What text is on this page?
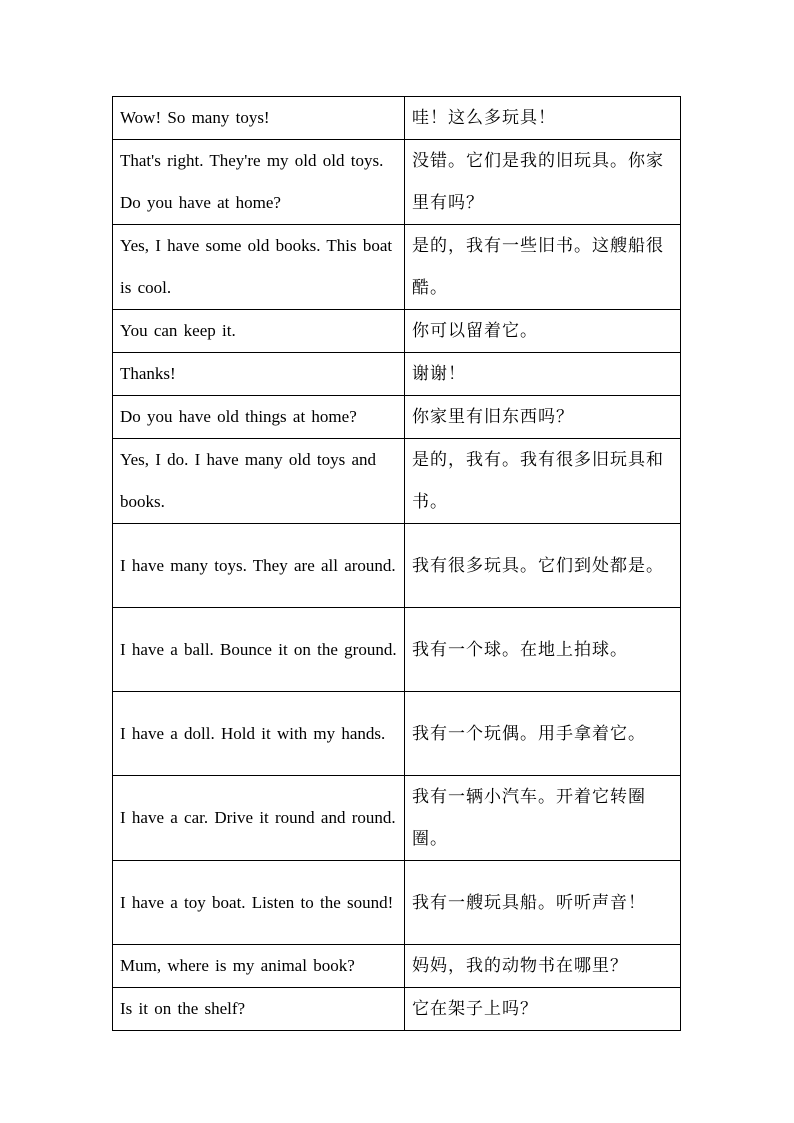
Wow! So many toys!	哇！这么多玩具！
That's right. They're my old old toys. Do you have at home?	没错。它们是我的旧玩具。你家里有吗？
Yes, I have some old books. This boat is cool.	是的，我有一些旧书。这艘船很酷。
You can keep it.	你可以留着它。
Thanks!	谢谢！
Do you have old things at home?	你家里有旧东西吗？
Yes, I do. I have many old toys and books.	是的，我有。我有很多旧玩具和书。
I have many toys. They are all around.	我有很多玩具。它们到处都是。
I have a ball. Bounce it on the ground.	我有一个球。在地上拍球。
I have a doll. Hold it with my hands.	我有一个玩偶。用手拿着它。
I have a car. Drive it round and round.	我有一辆小汽车。开着它转圈圈。
I have a toy boat. Listen to the sound!	我有一艘玩具船。听听声音！
Mum, where is my animal book?	妈妈，我的动物书在哪里？
Is it on the shelf?	它在架子上吗？
